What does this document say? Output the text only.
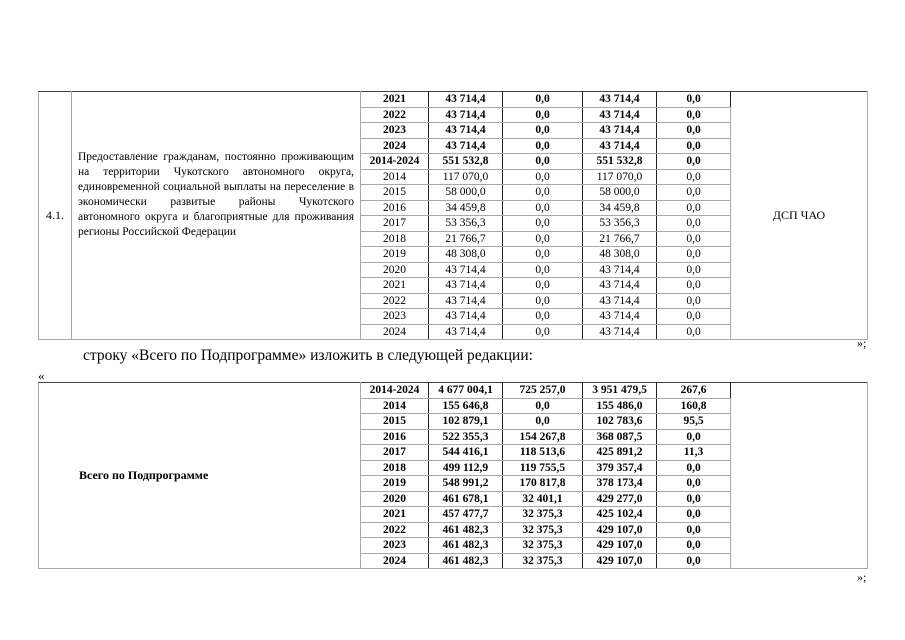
4.1.	Предоставление гражданам, постоянно проживающим на территории Чукотского автономного округа, единовременной социальной выплаты на переселение в экономически развитые районы Чукотского автономного округа и благоприятные для проживания регионы Российской Федерации	2021	43 714,4	0,0	43 714,4	0,0	ДСП ЧАО
		2022	43 714,4	0,0	43 714,4	0,0	
		2023	43 714,4	0,0	43 714,4	0,0	
		2024	43 714,4	0,0	43 714,4	0,0	
		2014-2024	551 532,8	0,0	551 532,8	0,0	
		2014	117 070,0	0,0	117 070,0	0,0	
		2015	58 000,0	0,0	58 000,0	0,0	
		2016	34 459,8	0,0	34 459,8	0,0	
		2017	53 356,3	0,0	53 356,3	0,0	
		2018	21 766,7	0,0	21 766,7	0,0	
		2019	48 308,0	0,0	48 308,0	0,0	
		2020	43 714,4	0,0	43 714,4	0,0	
		2021	43 714,4	0,0	43 714,4	0,0	
		2022	43 714,4	0,0	43 714,4	0,0	
		2023	43 714,4	0,0	43 714,4	0,0	
		2024	43 714,4	0,0	43 714,4	0,0	
»;
строку «Всего по Подпрограмме» изложить в следующей редакции:
«
Всего по Подпрограмме	2014-2024	4 677 004,1	725 257,0	3 951 479,5	267,6	
	2014	155 646,8	0,0	155 486,0	160,8	
	2015	102 879,1	0,0	102 783,6	95,5	
	2016	522 355,3	154 267,8	368 087,5	0,0	
	2017	544 416,1	118 513,6	425 891,2	11,3	
	2018	499 112,9	119 755,5	379 357,4	0,0	
	2019	548 991,2	170 817,8	378 173,4	0,0	
	2020	461 678,1	32 401,1	429 277,0	0,0	
	2021	457 477,7	32 375,3	425 102,4	0,0	
	2022	461 482,3	32 375,3	429 107,0	0,0	
	2023	461 482,3	32 375,3	429 107,0	0,0	
	2024	461 482,3	32 375,3	429 107,0	0,0	
»;
